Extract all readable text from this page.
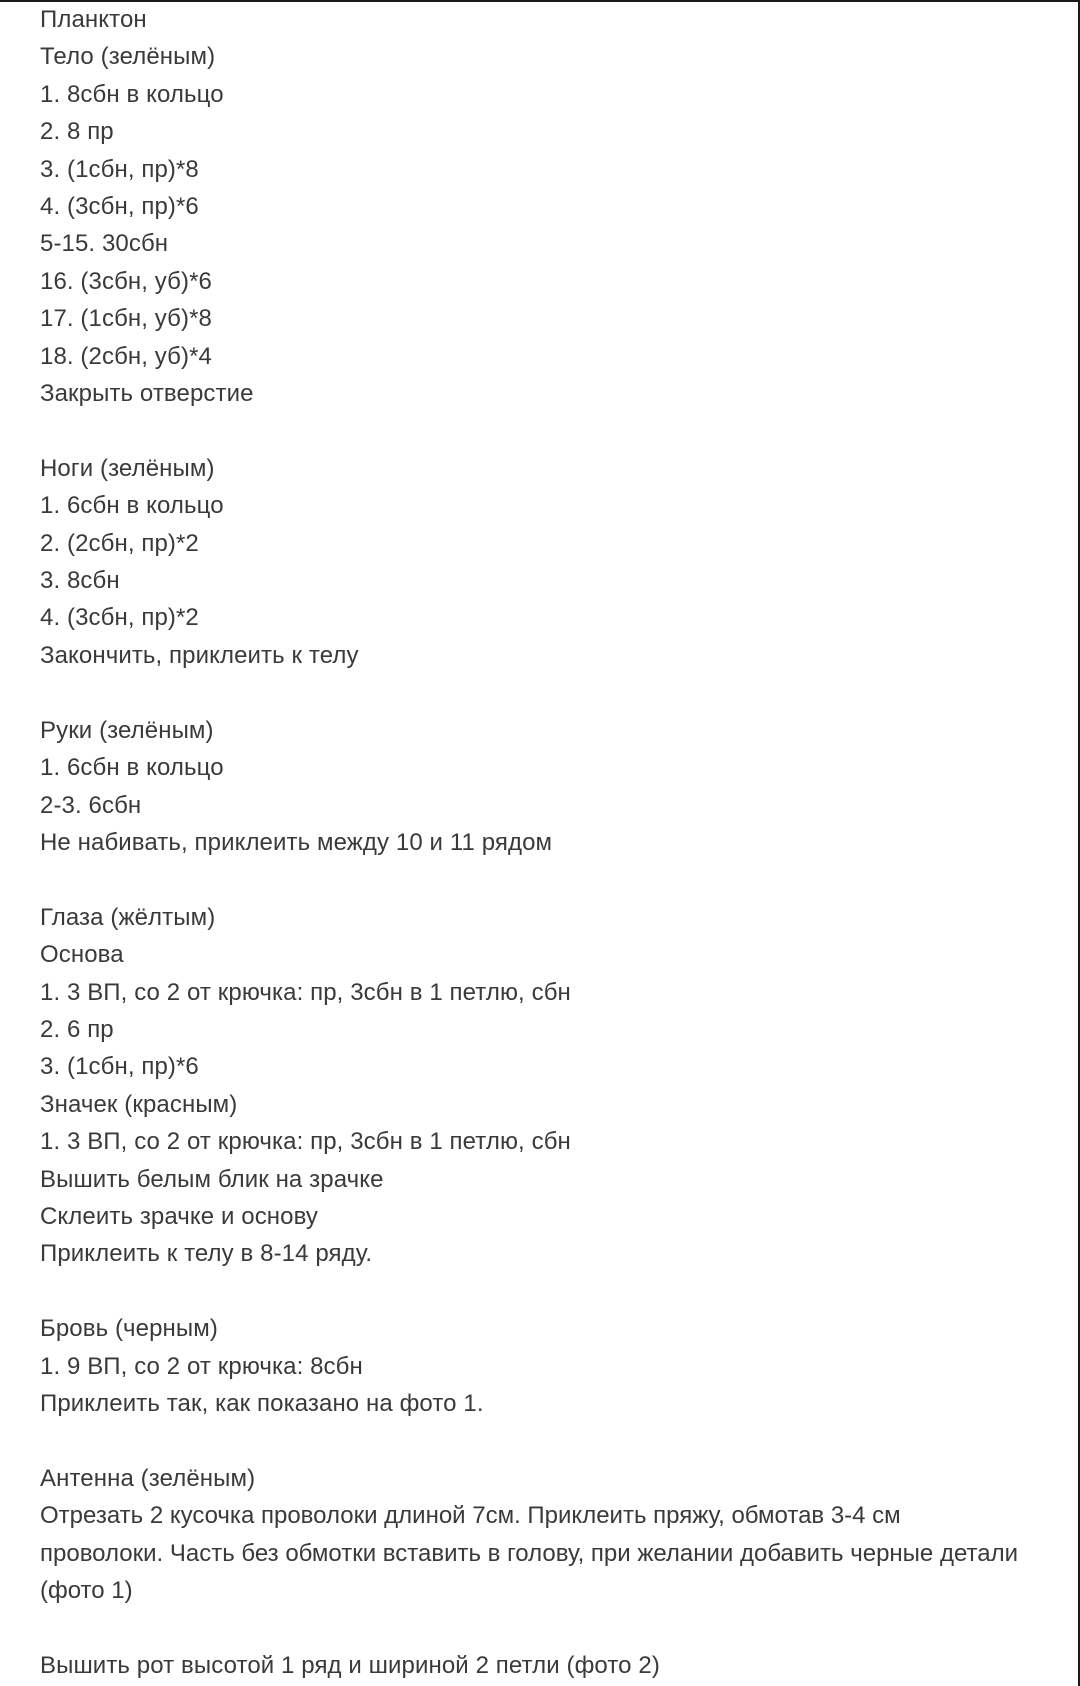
Планктон
Тело (зелёным)
1. 8сбн в кольцо
2. 8 пр
3. (1сбн, пр)*8
4. (3сбн, пр)*6
5-15. 30сбн
16. (3сбн, уб)*6
17. (1сбн, уб)*8
18. (2сбн, уб)*4
Закрыть отверстие
Ноги (зелёным)
1. 6сбн в кольцо
2. (2сбн, пр)*2
3. 8сбн
4. (3сбн, пр)*2
Закончить, приклеить к телу
Руки (зелёным)
1. 6сбн в кольцо
2-3. 6сбн
Не набивать, приклеить между 10 и 11 рядом
Глаза (жёлтым)
Основа
1. 3 ВП, со 2 от крючка: пр, 3сбн в 1 петлю, сбн
2. 6 пр
3. (1сбн, пр)*6
Значек (красным)
1. 3 ВП, со 2 от крючка: пр, 3сбн в 1 петлю, сбн
Вышить белым блик на зрачке
Склеить зрачке и основу
Приклеить к телу в 8-14 ряду.
Бровь (черным)
1. 9 ВП, со 2 от крючка: 8сбн
Приклеить так, как показано на фото 1.
Антенна (зелёным)
Отрезать 2 кусочка проволоки длиной 7см. Приклеить пряжу, обмотав 3-4 см проволоки. Часть без обмотки вставить в голову, при желании добавить черные детали (фото 1)
Вышить рот высотой 1 ряд и шириной 2 петли (фото 2)
